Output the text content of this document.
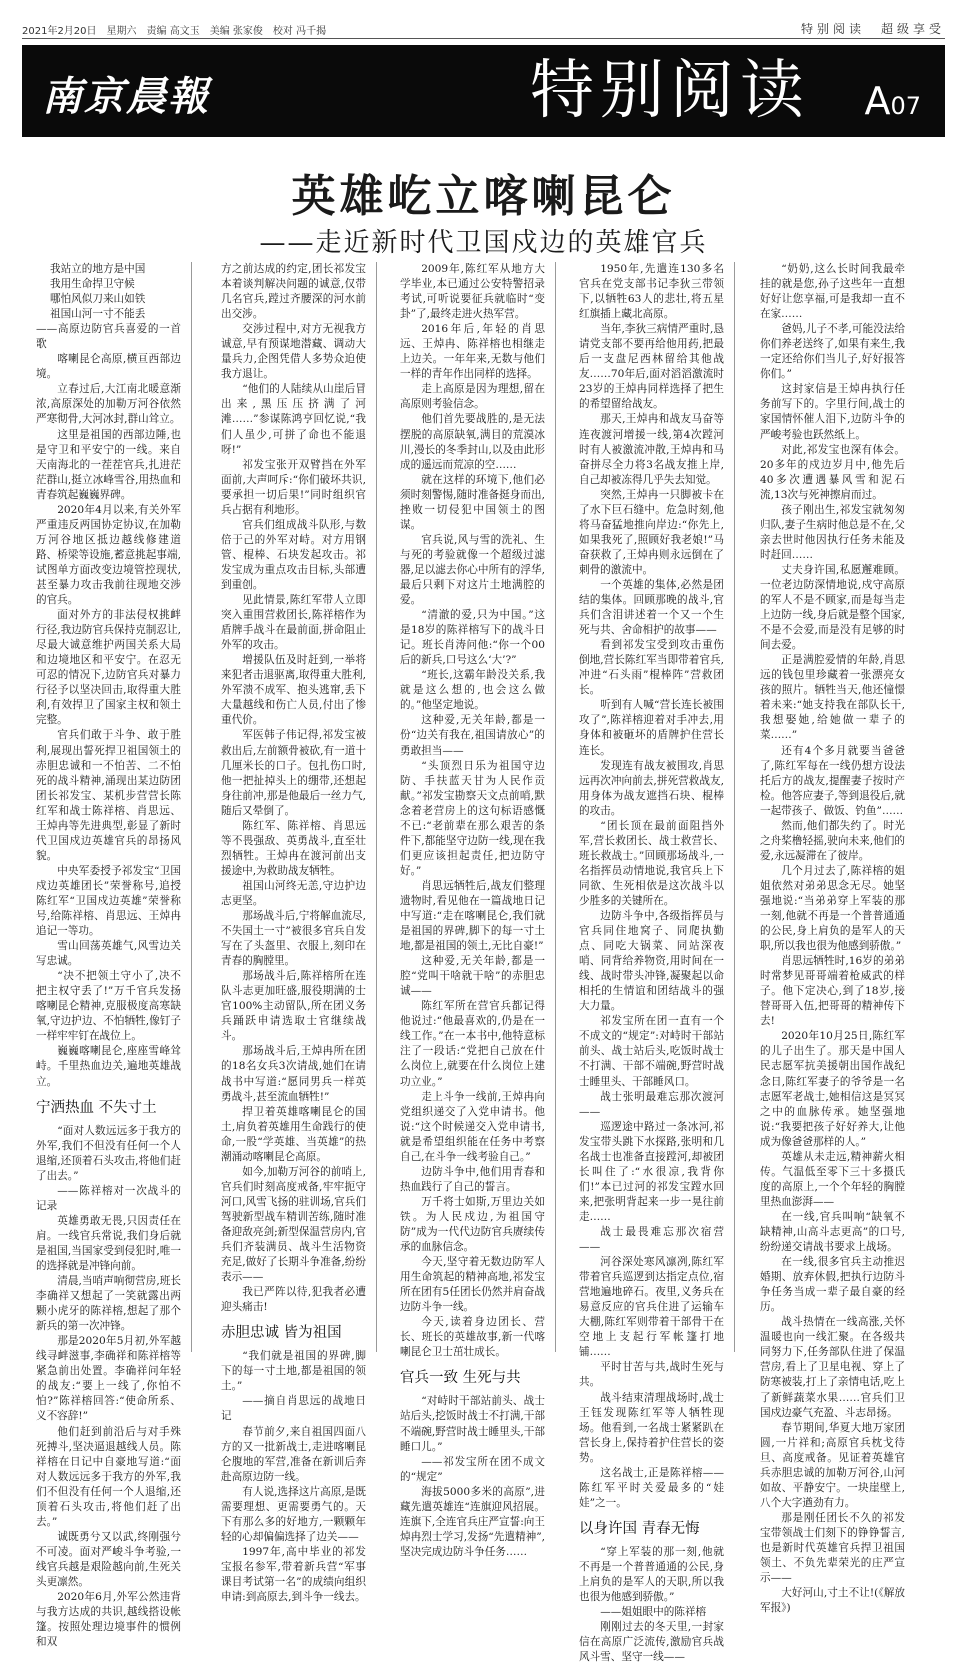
2021年2月20日　星期六　责编 高文玉　美编 张家俊　校对 冯千揭	特别阅读　超级享受
南京晨報	特别阅读 A07
英雄屹立喀喇昆仑
——走近新时代卫国戍边的英雄官兵

我站立的地方是中国

我用生命捍卫守候

哪怕风似刀来山如铁

祖国山河一寸不能丢

——高原边防官兵喜爱的一首歌

喀喇昆仑高原,横亘西部边境。

立春过后,大江南北暖意渐浓,高原深处的加勒万河谷依然严寒彻骨,大河冰封,群山耸立。

这里是祖国的西部边陲,也是守卫和平安宁的一线。来自天南海北的一茬茬官兵,扎进茫茫群山,挺立冰峰雪谷,用热血和青春筑起巍巍界碑。

2020年4月以来,有关外军严重违反两国协定协议,在加勒万河谷地区抵边越线修建道路、桥梁等设施,蓄意挑起事端,试图单方面改变边境管控现状,甚至暴力攻击我前往现地交涉的官兵。

面对外方的非法侵权挑衅行径,我边防官兵保持克制忍让,尽最大诚意维护两国关系大局和边境地区和平安宁。在忍无可忍的情况下,边防官兵对暴力行径予以坚决回击,取得重大胜利,有效捍卫了国家主权和领土完整。

官兵们敢于斗争、敢于胜利,展现出誓死捍卫祖国领土的赤胆忠诚和一不怕苦、二不怕死的战斗精神,涌现出某边防团团长祁发宝、某机步营营长陈红军和战士陈祥榕、肖思远、王焯冉等先进典型,彰显了新时代卫国戍边英雄官兵的昂扬风貌。

中央军委授予祁发宝“卫国戍边英雄团长”荣誉称号,追授陈红军“卫国戍边英雄”荣誉称号,给陈祥榕、肖思远、王焯冉追记一等功。

雪山回荡英雄气,风雪边关写忠诚。

“决不把领土守小了,决不把主权守丢了!”万千官兵发扬喀喇昆仑精神,克服极度高寒缺氧,守边护边、不怕牺牲,像钉子一样牢牢钉在战位上。

巍巍喀喇昆仑,座座雪峰耸峙。千里热血边关,遍地英雄战立。

宁洒热血 不失寸土

“面对人数远远多于我方的外军,我们不但没有任何一个人退缩,还顶着石头攻击,将他们赶了出去。”

——陈祥榕对一次战斗的记录

英雄勇敢无畏,只因责任在肩。一线官兵常说,我们身后就是祖国,当国家受到侵犯时,唯一的选择就是冲锋向前。

清晨,当哨声响彻营房,班长李确祥又想起了一笑就露出两颗小虎牙的陈祥榕,想起了那个新兵的第一次冲锋。

那是2020年5月初,外军越线寻衅滋事,李确祥和陈祥榕等紧急前出处置。李确祥问年轻的战友:“要上一线了,你怕不怕?”陈祥榕回答:“使命所系、义不容辞!”

他们赶到前沿后与对手殊死搏斗,坚决逼退越线人员。陈祥榕在日记中自豪地写道:“面对人数远远多于我方的外军,我们不但没有任何一个人退缩,还顶着石头攻击,将他们赶了出去。”

诚既勇兮又以武,终刚强兮不可凌。面对严峻斗争考验,一线官兵越是艰险越向前,生死关头更凛然。

2020年6月,外军公然违背与我方达成的共识,越线搭设帐篷。按照处理边境事件的惯例和双

方之前达成的约定,团长祁发宝本着谈判解决问题的诚意,仅带几名官兵,蹚过齐腰深的河水前出交涉。

交涉过程中,对方无视我方诚意,早有预谋地潜藏、调动大量兵力,企图凭借人多势众迫使我方退让。

“他们的人陆续从山崖后冒出来,黑压压挤满了河滩……”参谋陈鸿亨回忆说,“我们人虽少,可拼了命也不能退呀!”

祁发宝张开双臂挡在外军面前,大声呵斥:“你们破坏共识,要承担一切后果!”同时组织官兵占据有利地形。

官兵们组成战斗队形,与数倍于己的外军对峙。对方用钢管、棍棒、石块发起攻击。祁发宝成为重点攻击目标,头部遭到重创。

见此情景,陈红军带人立即突入重围营救团长,陈祥榕作为盾牌手战斗在最前面,拼命阻止外军的攻击。

增援队伍及时赶到,一举将来犯者击退驱离,取得重大胜利,外军溃不成军、抱头逃窜,丢下大量越线和伤亡人员,付出了惨重代价。

军医韩子伟记得,祁发宝被救出后,左前额骨被砍,有一道十几厘米长的口子。包扎伤口时,他一把扯掉头上的绷带,还想起身往前冲,那是他最后一丝力气,随后又晕倒了。

陈红军、陈祥榕、肖思远等不畏强敌、英勇战斗,直至壮烈牺牲。王焯冉在渡河前出支援途中,为救助战友牺牲。

祖国山河终无恙,守边护边志更坚。

那场战斗后,宁将解血流尽,不失国土一寸”被很多官兵自发写在了头盔里、衣服上,刻印在青春的胸膛里。

那场战斗后,陈祥榕所在连队斗志更加旺盛,服役期满的士官100%主动留队,所在团义务兵踊跃申请选取士官继续战斗。

那场战斗后,王焯冉所在团的18名女兵3次请战,她们在请战书中写道:“愿同男兵一样英勇战斗,甚至流血牺牲!”

捍卫着英雄喀喇昆仑的国土,肩负着英雄用生命践行的使命,一股“学英雄、当英雄”的热潮涌动喀喇昆仑高原。

如今,加勒万河谷的前哨上,官兵们时刻高度戒备,牢牢扼守河口,风雪飞扬的驻训场,官兵们驾驶新型战车精训苦练,随时准备迎敌亮剑;新型保温营房内,官兵们齐装满员、战斗生活物资充足,做好了长期斗争准备,纷纷表示——

我已严阵以待,犯我者必遭迎头痛击!

赤胆忠诚 皆为祖国

“我们就是祖国的界碑,脚下的每一寸土地,都是祖国的领土。”

——摘自肖思远的战地日记

春节前夕,来自祖国四面八方的又一批新战士,走进喀喇昆仑腹地的军营,准备在新训后奔赴高原边防一线。

有人说,选择这片高原,是既需要理想、更需要勇气的。天下有那么多的好地方,一颗颗年轻的心却偏偏选择了边关——

1997年,高中毕业的祁发宝报名参军,带着新兵营“军事课目考试第一名”的成绩向组织申请:到高原去,到斗争一线去。

2009年,陈红军从地方大学毕业,本已通过公安特警招录考试,可听说要征兵就临时“变卦”了,最终走进火热军营。

2016年后,年轻的肖思远、王焯冉、陈祥榕也相继走上边关。一年年来,无数与他们一样的青年作出同样的选择。

走上高原是因为理想,留在高原则考验信念。

他们首先要战胜的,是无法摆脱的高原缺氧,满目的荒漠冰川,漫长的冬季封山,以及由此形成的遥远而荒凉的空……

就在这样的环境下,他们必须时刻警惕,随时准备挺身而出,挫败一切侵犯中国领土的图谋。

官兵说,风与雪的洗礼、生与死的考验就像一个超级过滤器,足以滤去你心中所有的浮华,最后只剩下对这片土地满腔的爱。

“清澈的爱,只为中国。”这是18岁的陈祥榕写下的战斗日记。班长肖涛问他:“你一个00后的新兵,口号这么‘大’?”

“班长,这霸年龄没关系,我就是这么想的,也会这么做的。”他坚定地说。

这种爱,无关年龄,都是一份“边关有我在,祖国请放心”的勇敢担当——

“头顶烈日乐为祖国守边防、手扶蓝天甘为人民作贡献。”祁发宝勘察天文点前哨,默念着老营房上的这句标语感慨不已:“老前辈在那么艰苦的条件下,都能坚守边防一线,现在我们更应该担起责任,把边防守好。”

肖思远牺牲后,战友们整理遗物时,看见他在一篇战地日记中写道:“走在喀喇昆仑,我们就是祖国的界碑,脚下的每一寸土地,都是祖国的领土,无比自豪!”

这种爱,无关年龄,都是一腔“党叫干啥就干啥”的赤胆忠诚——

陈红军所在营官兵都记得他说过:“他最喜欢的,仍是在一线工作。”在一本书中,他特意标注了一段话:“党把自己放在什么岗位上,就要在什么岗位上建功立业。”

走上斗争一线前,王焯冉向党组织递交了入党申请书。他说:“这个时候递交入党申请书,就是希望组织能在任务中考察自己,在斗争一线考验自己。”

边防斗争中,他们用青春和热血践行了自己的誓言。

万千将士如斯,万里边关如铁。为人民戍边,为祖国守防”成为一代代边防官兵赓续传承的血脉信念。

今天,坚守着无数边防军人用生命筑起的精神高地,祁发宝所在团有5任团长仍然并肩奋战边防斗争一线。

今天,读着身边团长、营长、班长的英雄故事,新一代喀喇昆仑卫士茁壮成长。

官兵一致 生死与共

“对峙时干部站前头、战士站后头,挖饭时战士不打满,干部不端碗,野营时战士睡里头,干部睡口儿。”

——祁发宝所在团不成文的“规定”

海拔5000多米的高原”,进藏先遣英雄连“连旗迎风招展。连旗下,全连官兵庄严宣誓:向王焯冉烈士学习,发扬“先遣精神”,坚决完成边防斗争任务……

1950年,先遣连130多名官兵在党支部书记李狄三带领下,以牺牲63人的悲壮,将五星红旗插上藏北高原。

当年,李狄三病情严重时,恳请党支部不要再给他用药,把最后一支盘尼西林留给其他战友……70年后,面对滔滔激流时23岁的王焯冉同样选择了把生的希望留给战友。

那天,王焯冉和战友马奋等连夜渡河增援一线,第4次蹚河时有人被激流冲散,王焯冉和马奋拼尽全力将3名战友推上岸,自己却被冻得几乎失去知觉。

突然,王焯冉一只脚被卡在了水下巨石缝中。危急时刻,他将马奋猛地推向岸边:“你先上,如果我死了,照顾好我老娘!”马奋获救了,王焯冉则永远倒在了刺骨的激流中。

一个英雄的集体,必然是团结的集体。回顾那晚的战斗,官兵们含泪讲述着一个又一个生死与共、舍命相护的故事——

看到祁发宝受到攻击重伤倒地,营长陈红军当即带着官兵,冲进“石头雨”棍棒阵”营救团长。

听到有人喊“营长连长被围攻了”,陈祥榕迎着对手冲去,用身体和被砸坏的盾牌护住营长连长。

发现连有战友被围攻,肖思远再次冲向前去,拼死营救战友,用身体为战友遮挡石块、棍棒的攻击。

“团长顶在最前面阻挡外军,营长救团长、战士救营长、班长救战士。”回顾那场战斗,一名指挥员动情地说,我官兵上下同欲、生死相依是这次战斗以少胜多的关键所在。

边防斗争中,各级指挥员与官兵同住地窝子、同爬执勤点、同吃大锅菜、同站深夜哨、同背给养物资,用时间在一线、战时带头冲锋,凝聚起以命相托的生情谊和团结战斗的强大力量。

祁发宝所在团一直有一个不成文的“规定”:对峙时干部站前头、战士站后头,吃饭时战士不打满、干部不端碗,野营时战士睡里头、干部睡风口。

战士张明最难忘那次渡河——

巡逻途中路过一条冰河,祁发宝带头跳下水探路,张明和几名战士也准备直接蹚河,却被团长叫住了:“水很凉,我背你们!”本已过河的祁发宝蹚水回来,把张明背起来一步一晃往前走……

战士最畏难忘那次宿营——

河谷深处寒风凛冽,陈红军带着官兵巡逻到达指定点位,宿营地遍地碎石。夜里,义务兵在易意反应的官兵住进了运输车大棚,陈红军则带着干部骨干在空地上支起行军帐篷打地铺……

平时甘苦与共,战时生死与共。

战斗结束清理战场时,战士王钰发现陈红军等人牺牲现场。他看到,一名战士紧紧趴在营长身上,保持着护住营长的姿势。

这名战士,正是陈祥榕——陈红军平时关爱最多的“娃娃”之一。

以身许国 青春无悔

“穿上军装的那一刻,他就不再是一个普普通通的公民,身上肩负的是军人的天职,所以我也很为他感到骄傲。”

——姐姐眼中的陈祥榕

刚刚过去的冬天里,一封家信在高原广泛流传,激励官兵战风斗雪、坚守一线——

“奶奶,这么长时间我最牵挂的就是您,孙子这些年一直想好好让您享福,可是我却一直不在家……

爸妈,儿子不孝,可能没法给你们养老送终了,如果有来生,我一定还给你们当儿子,好好报答你们。”

这封家信是王焯冉执行任务前写下的。字里行间,战士的家国情怀催人泪下,边防斗争的严峻考验也跃然纸上。

对此,祁发宝也深有体会。20多年的戍边岁月中,他先后40多次遭遇暴风雪和泥石流,13次与死神擦肩而过。

孩子刚出生,祁发宝就匆匆归队,妻子生病时他总是不在,父亲去世时他因执行任务未能及时赶回……

丈夫身许国,私愿邂难顾。一位老边防深情地说,戍守高原的军人不是不顾家,而是每当走上边防一线,身后就是整个国家,不是不会爱,而是没有足够的时间去爱。

正是满腔爱情的年龄,肖思远的钱包里珍藏着一张漂亮女孩的照片。牺牲当天,他还憧憬着未来:“她支持我在部队长干,我想娶她,给她做一辈子的菜……”

还有4个多月就要当爸爸了,陈红军每在一线仍想方设法托后方的战友,提醒妻子按时产检。他答应妻子,等到退役后,就一起带孩子、做饭、钓鱼”……

然而,他们都失约了。时光之舟桨橹轻摇,驶向未来,他们的爱,永远凝滞在了彼岸。

几个月过去了,陈祥榕的姐姐依然对弟弟思念无尽。她坚强地说:“当弟弟穿上军装的那一刻,他就不再是一个普普通通的公民,身上肩负的是军人的天职,所以我也很为他感到骄傲。”

肖思远牺牲时,16岁的弟弟时常梦见哥哥端着枪威武的样子。他下定决心,到了18岁,接替哥哥入伍,把哥哥的精神传下去!

2020年10月25日,陈红军的儿子出生了。那天是中国人民志愿军抗美援朝出国作战纪念日,陈红军妻子的爷爷是一名志愿军老战士,她相信这是冥冥之中的血脉传承。她坚强地说:“我要把孩子好好养大,让他成为像爸爸那样的人。”

英雄从未走远,精神薪火相传。气温低至零下三十多摄氏度的高原上,一个个年轻的胸膛里热血澎湃——

在一线,官兵叫响“缺氧不缺精神,山高斗志更高”的口号,纷纷递交请战书要求上战场。

在一线,很多官兵主动推迟婚期、放弃休假,把执行边防斗争任务当成一辈子最自豪的经历。

战斗热情在一线高涨,关怀温暖也向一线汇聚。在各级共同努力下,任务部队住进了保温营房,看上了卫星电视、穿上了防寒被装,打上了亲情电话,吃上了新鲜蔬菜水果……官兵们卫国戍边豪气充盈、斗志昂扬。

春节期间,华夏大地万家团圆,一片祥和;高原官兵枕戈待旦、高度戒备。见证着英雄官兵赤胆忠诚的加勒万河谷,山河如故、平静安宁。一块崖壁上,八个大字遒劲有力。

那是刚任团长不久的祁发宝带领战士们刻下的铮铮誓言,也是新时代英雄官兵捍卫祖国领土、不负先辈荣光的庄严宣示——

大好河山,寸土不让!(《解放军报》)
